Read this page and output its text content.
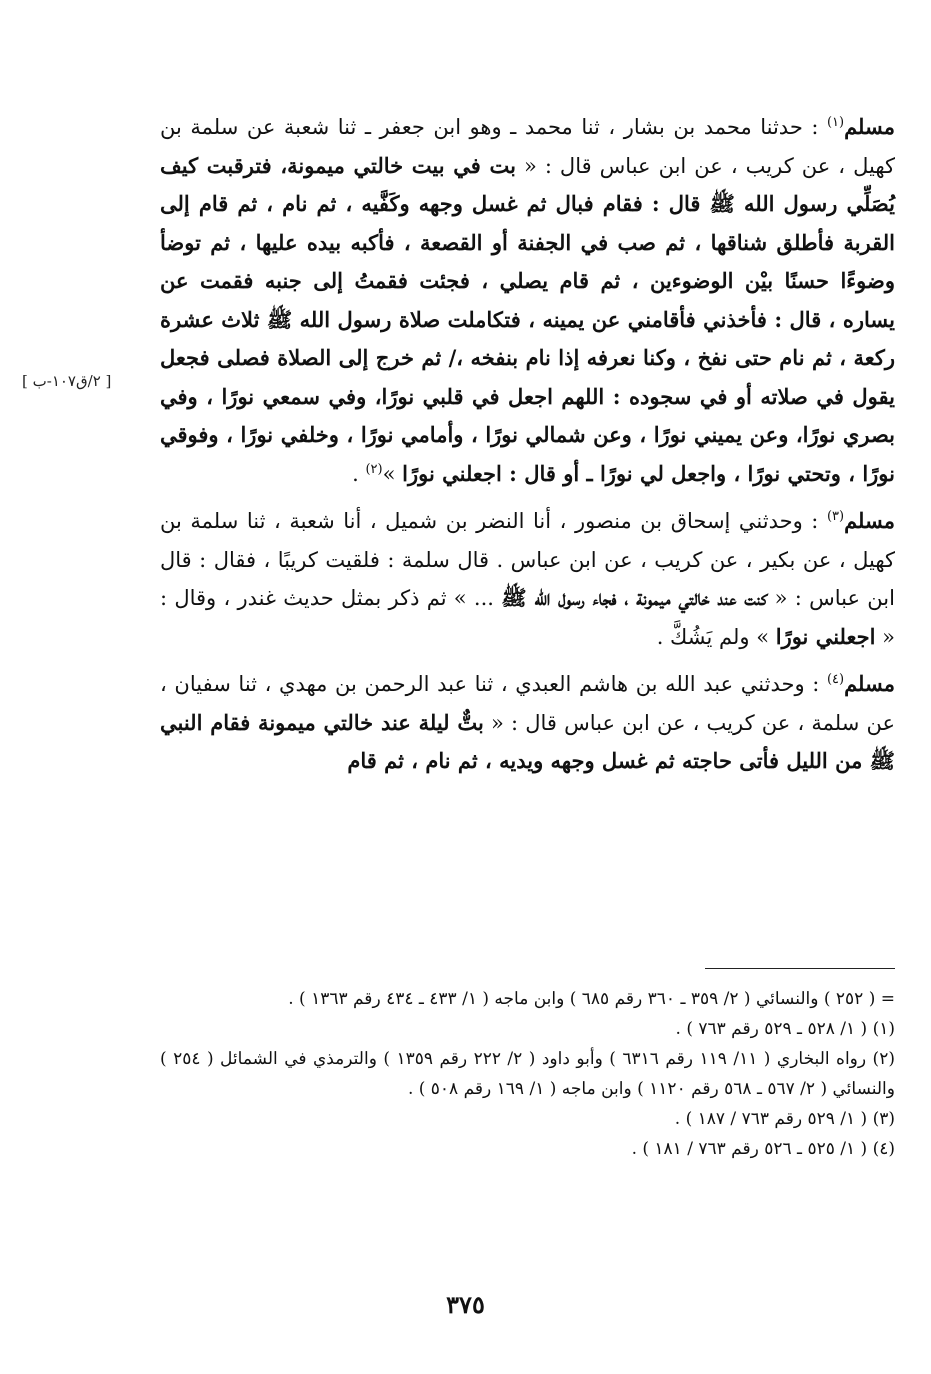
[ ٢/ق١٠٧-ب ]

مسلم$^{(١)}$ : حدثنا محمد بن بشار ، ثنا محمد ـ وهو ابن جعفر ـ ثنا شعبة عن سلمة بن كهيل ، عن كريب ، عن ابن عباس قال : « بت في بيت خالتي ميمونة، فترقبت كيف يُصَلِّي رسول الله ﷺ قال : فقام فبال ثم غسل وجهه وكَفَّيه ، ثم نام ، ثم قام إلى القربة فأطلق شناقها ، ثم صب في الجفنة أو القصعة ، فأكبه بيده عليها ، ثم توضأ وضوءًا حسنًا بيْن الوضوءين ، ثم قام يصلي ، فجئت فقمتُ إلى جنبه فقمت عن يساره ، قال : فأخذني فأقامني عن يمينه ، فتكاملت صلاة رسول الله ﷺ ثلاث عشرة ركعة ، ثم نام حتى نفخ ، وكنا نعرفه إذا نام بنفخه ،/ ثم خرج إلى الصلاة فصلى فجعل يقول في صلاته أو في سجوده : اللهم اجعل في قلبي نورًا، وفي سمعي نورًا ، وفي بصري نورًا، وعن يميني نورًا ، وعن شمالي نورًا ، وأمامي نورًا ، وخلفي نورًا ، وفوقي نورًا ، وتحتي نورًا ، واجعل لي نورًا ـ أو قال : اجعلني نورًا »$^{(٢)}$ .

مسلم$^{(٣)}$ : وحدثني إسحاق بن منصور ، أنا النضر بن شميل ، أنا شعبة ، ثنا سلمة بن كهيل ، عن بكير ، عن كريب ، عن ابن عباس . قال سلمة : فلقيت كريبًا ، فقال : قال ابن عباس : « كنت عند خالتي ميمونة ، فجاء رسول الله ﷺ ... » ثم ذكر بمثل حديث غندر ، وقال : « اجعلني نورًا » ولم يَشُكَّ .

مسلم$^{(٤)}$ : وحدثني عبد الله بن هاشم العبدي ، ثنا عبد الرحمن بن مهدي ، ثنا سفيان ، عن سلمة ، عن كريب ، عن ابن عباس قال : « بتٌّ ليلة عند خالتي ميمونة فقام النبي ﷺ من الليل فأتى حاجته ثم غسل وجهه ويديه ، ثم نام ، ثم قام

= ( ٢٥٢ ) والنسائي ( ٢/ ٣٥٩ ـ ٣٦٠ رقم ٦٨٥ ) وابن ماجه ( ١/ ٤٣٣ ـ ٤٣٤ رقم ١٣٦٣ ) .

(١) ( ١/ ٥٢٨ ـ ٥٢٩ رقم ٧٦٣ ) .

(٢) رواه البخاري ( ١١/ ١١٩ رقم ٦٣١٦ ) وأبو داود ( ٢/ ٢٢٢ رقم ١٣٥٩ ) والترمذي في الشمائل ( ٢٥٤ ) والنسائي ( ٢/ ٥٦٧ ـ ٥٦٨ رقم ١١٢٠ ) وابن ماجه ( ١/ ١٦٩ رقم ٥٠٨ ) .

(٣) ( ١/ ٥٢٩ رقم ٧٦٣ / ١٨٧ ) .

(٤) ( ١/ ٥٢٥ ـ ٥٢٦ رقم ٧٦٣ / ١٨١ ) .

٣٧٥
